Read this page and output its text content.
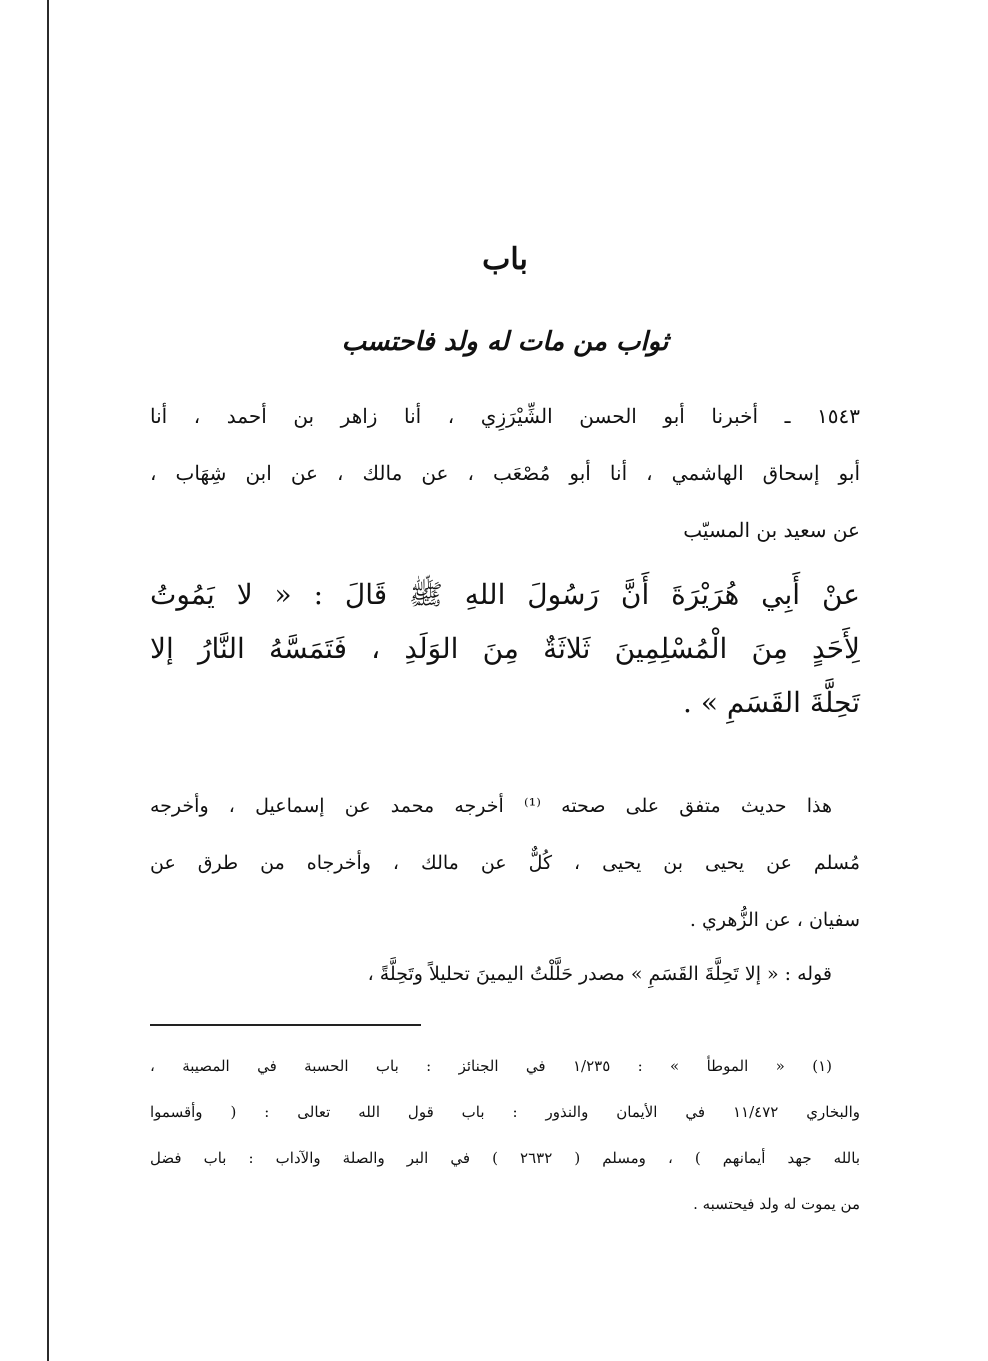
باب
ثواب من مات له ولد فاحتسب
١٥٤٣ ـ أخبرنا أبو الحسن الشِّيْرَزِي ، أنا زاهر بن أحمد ، أنا
أبو إسحاق الهاشمي ، أنا أبو مُصْعَب ، عن مالك ، عن ابن شِهَاب ،
عن سعيد بن المسيّب
عنْ أَبِي هُرَيْرَةَ أَنَّ رَسُولَ اللهِ ﷺ قَالَ : « لا يَمُوتُ
لِأَحَدٍ مِنَ الْمُسْلِمِينَ ثَلاثَةٌ مِنَ الوَلَدِ ، فَتَمَسَّهُ النَّارُ إلا
تَحِلَّةَ القَسَمِ » .
هذا حديث متفق على صحته ⁽¹⁾ أخرجه محمد عن إسماعيل ، وأخرجه
مُسلم عن يحيى بن يحيى ، كُلٌّ عن مالك ، وأخرجاه من طرق عن
سفيان ، عن الزُّهري .
قوله : « إلا تَحِلَّةَ القَسَمِ » مصدر حَلَّلْتُ اليمينَ تحليلاً وتَحِلَّةً ،
(١) « الموطأ » : ١/٢٣٥ في الجنائز : باب الحسبة في المصيبة ،
والبخاري ١١/٤٧٢ في الأيمان والنذور : باب قول الله تعالى : ( وأقسموا
بالله جهد أيمانهم ) ، ومسلم ( ٢٦٣٢ ) في البر والصلة والآداب : باب فضل
من يموت له ولد فيحتسبه .
